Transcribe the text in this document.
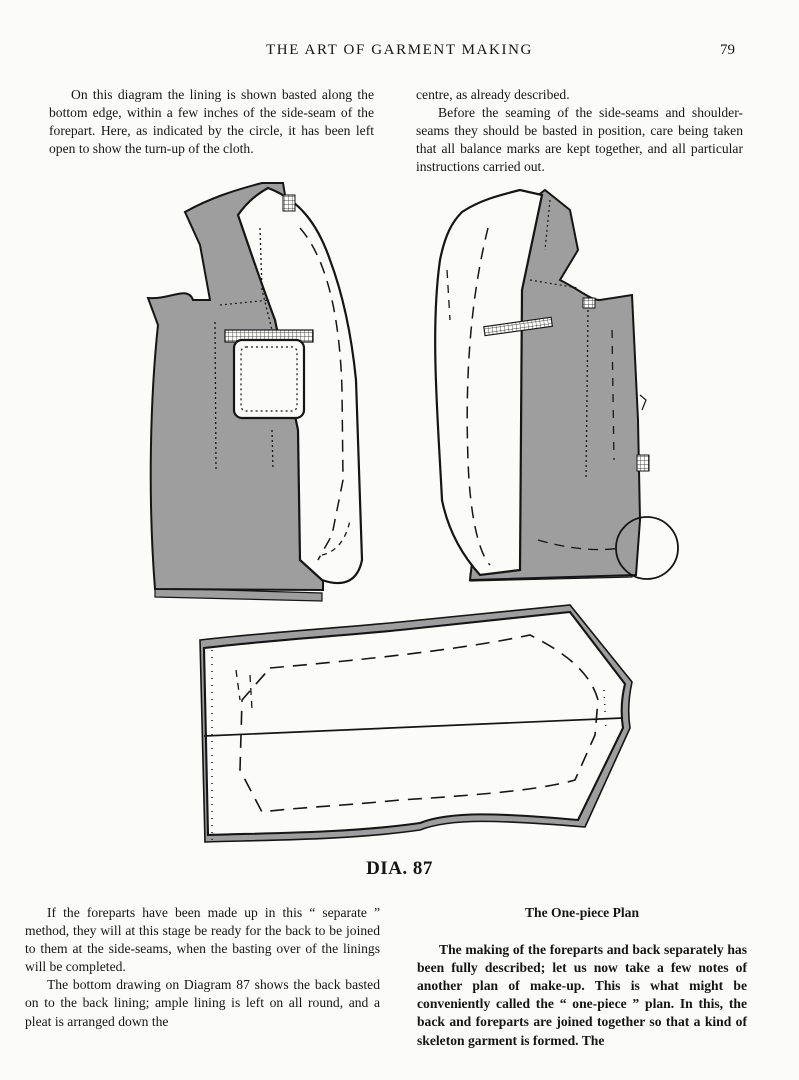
THE ART OF GARMENT MAKING	79

On this diagram the lining is shown basted along the bottom edge, within a few inches of the side-seam of the forepart. Here, as indicated by the circle, it has been left open to show the turn-up of the cloth.

centre, as already described.

Before the seaming of the side-seams and shoulder-seams they should be basted in position, care being taken that all balance marks are kept together, and all particular instructions carried out.

DIA. 87

If the foreparts have been made up in this “ separate ” method, they will at this stage be ready for the back to be joined to them at the side-seams, when the basting over of the linings will be completed.

The bottom drawing on Diagram 87 shows the back basted on to the back lining; ample lining is left on all round, and a pleat is arranged down the

The One-piece Plan

The making of the foreparts and back separately has been fully described; let us now take a few notes of another plan of make-up. This is what might be conveniently called the “ one-piece ” plan. In this, the back and foreparts are joined together so that a kind of skeleton garment is formed. The
